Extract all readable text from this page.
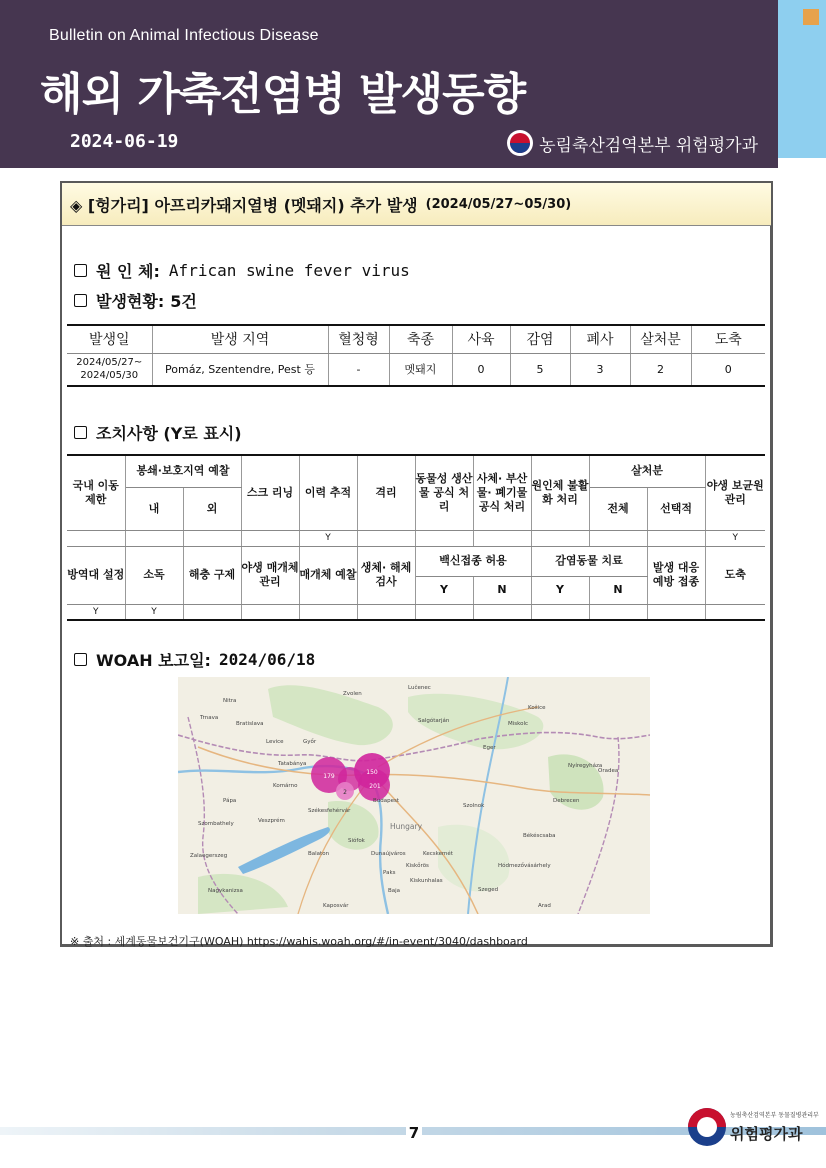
Bulletin on Animal Infectious Disease
해외 가축전염병 발생동향
2024-06-19	농림축산검역본부 위험평가과
◈ [헝가리] 아프리카돼지열병 (멧돼지) 추가 발생 (2024/05/27~05/30)
원 인 체: African swine fever virus
발생현황: 5건
발생일	발생 지역	혈청형	축종	사육	감염	폐사	살처분	도축
2024/05/27~ 2024/05/30	Pomáz, Szentendre, Pest 등	-	멧돼지	0	5	3	2	0
조치사항 (Y로 표시)
국내 이동 제한	봉쇄·보호지역 예찰		스크 리닝	이력 추적	격리	동물성 생산물 공식 처리	사체· 부산물· 폐기물 공식 처리	원인체 불활화 처리	살처분		야생 보균원 관리
	내	외							전체	선택적	
				Y							Y
방역대 설정	소독	해충 구제	야생 매개체 관리	매개체 예찰	생체· 해체 검사	백신접종 허용		감염동물 치료		발생 대응 예방 접종	도축
						Y	N	Y	N		
Y	Y										
WOAH 보고일: 2024/06/18
179
150
2
201
Bratislava
Győr
Budapest
Hungary
Miskolc
Debrecen
Szeged
Kecskemét
Székesfehérvár
Veszprém
Nitra
Košice
Eger
Arad
Szolnok
Balaton
Szombathely
Békéscsaba
Nyíregyháza
Trnava
Komárno
Salgótarján
Tatabánya
Pápa
Siófok
Kaposvár
Zalaegerszeg
Nagykanizsa	Baja
Kiskunhalas
Hódmezővásárhely
Oradea
Zvolen
Lučenec
Levice
Dunaújváros
Kiskőrös
Paks
※ 출처 : 세계동물보건기구(WOAH) https://wahis.woah.org/#/in-event/3040/dashboard
7
농림축산검역본부 동물질병관리부
위험평가과
